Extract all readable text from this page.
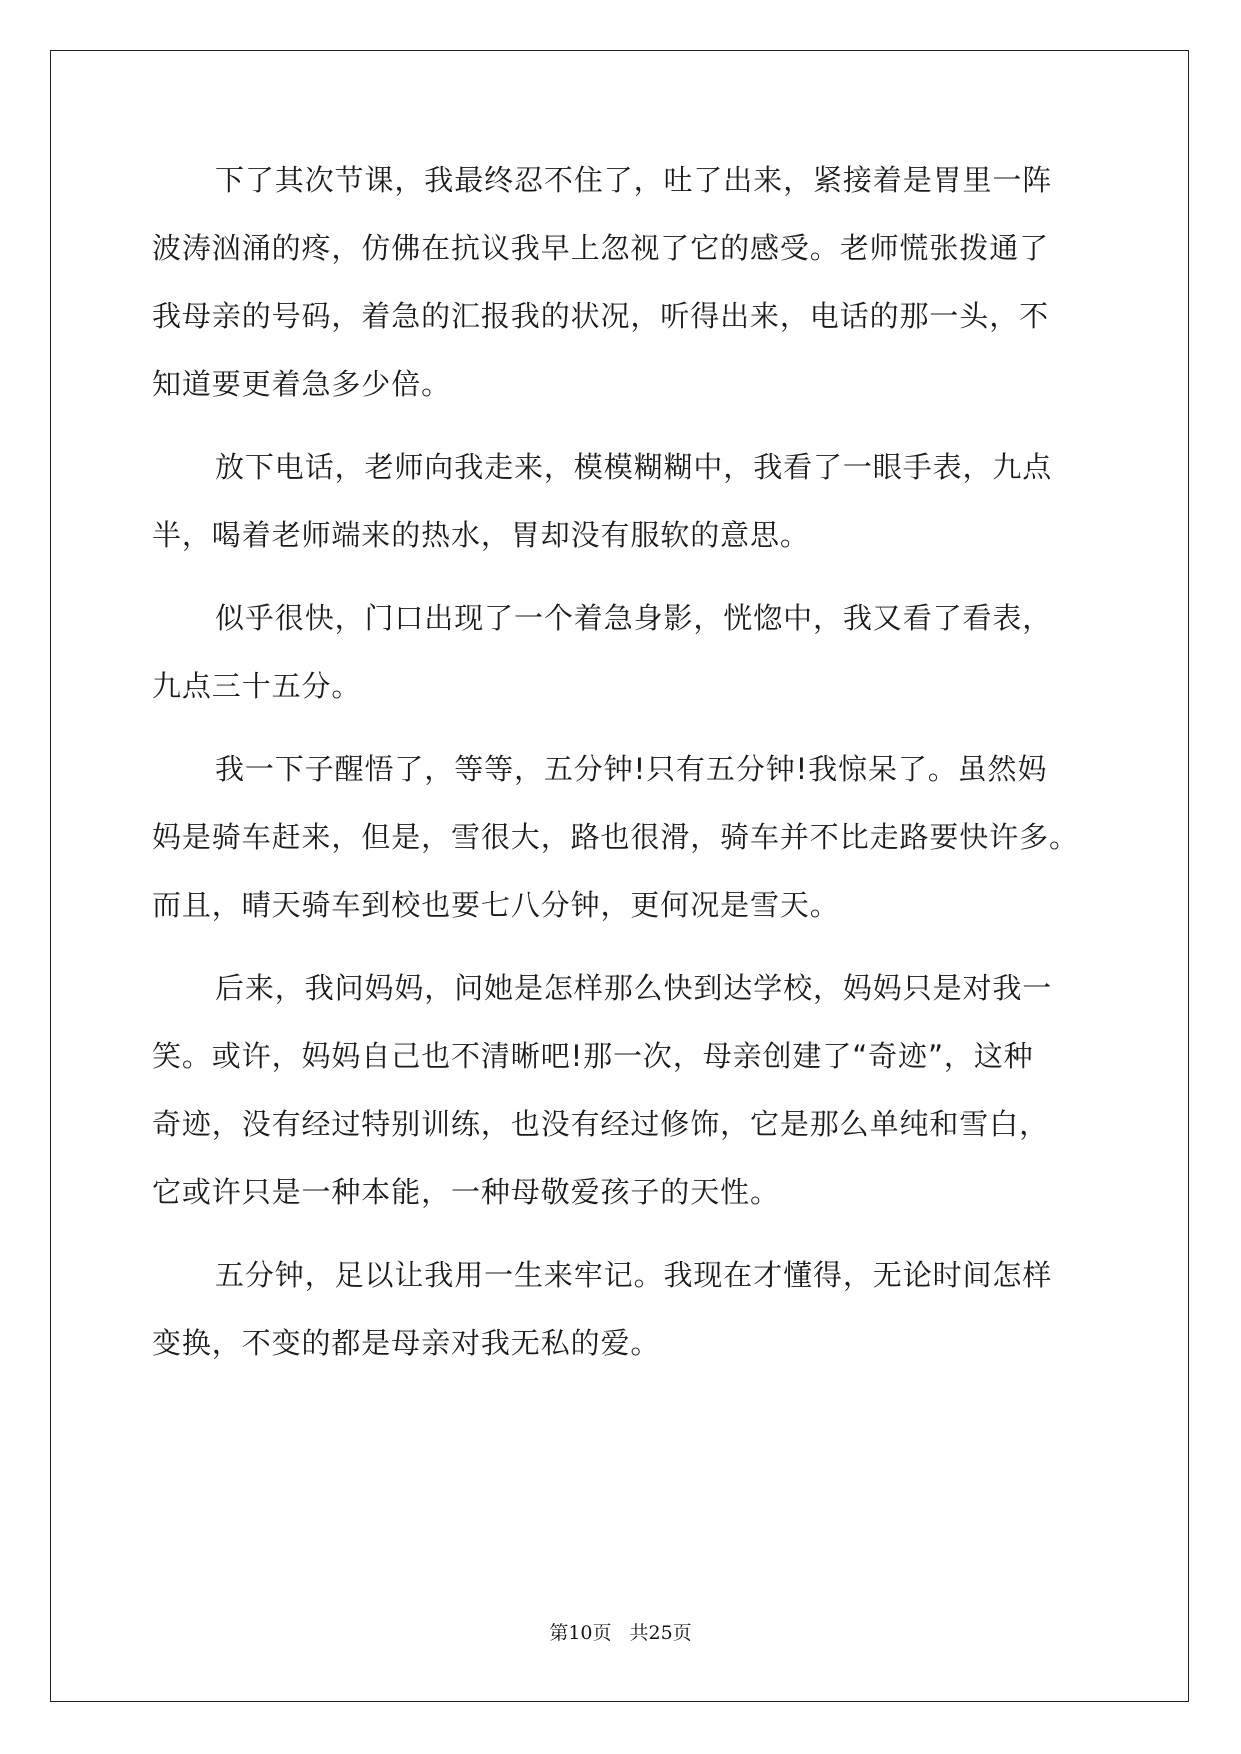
下了其次节课，我最终忍不住了，吐了出来，紧接着是胃里一阵
波涛汹涌的疼，仿佛在抗议我早上忽视了它的感受。老师慌张拨通了
我母亲的号码，着急的汇报我的状况，听得出来，电话的那一头，不
知道要更着急多少倍。
放下电话，老师向我走来，模模糊糊中，我看了一眼手表，九点
半，喝着老师端来的热水，胃却没有服软的意思。
似乎很快，门口出现了一个着急身影，恍惚中，我又看了看表，
九点三十五分。
我一下子醒悟了，等等，五分钟!只有五分钟!我惊呆了。虽然妈
妈是骑车赶来，但是，雪很大，路也很滑，骑车并不比走路要快许多。
而且，晴天骑车到校也要七八分钟，更何况是雪天。
后来，我问妈妈，问她是怎样那么快到达学校，妈妈只是对我一
笑。或许，妈妈自己也不清晰吧!那一次，母亲创建了“奇迹”，这种
奇迹，没有经过特别训练，也没有经过修饰，它是那么单纯和雪白，
它或许只是一种本能，一种母敬爱孩子的天性。
五分钟，足以让我用一生来牢记。我现在才懂得，无论时间怎样
变换，不变的都是母亲对我无私的爱。
第10页 共25页
